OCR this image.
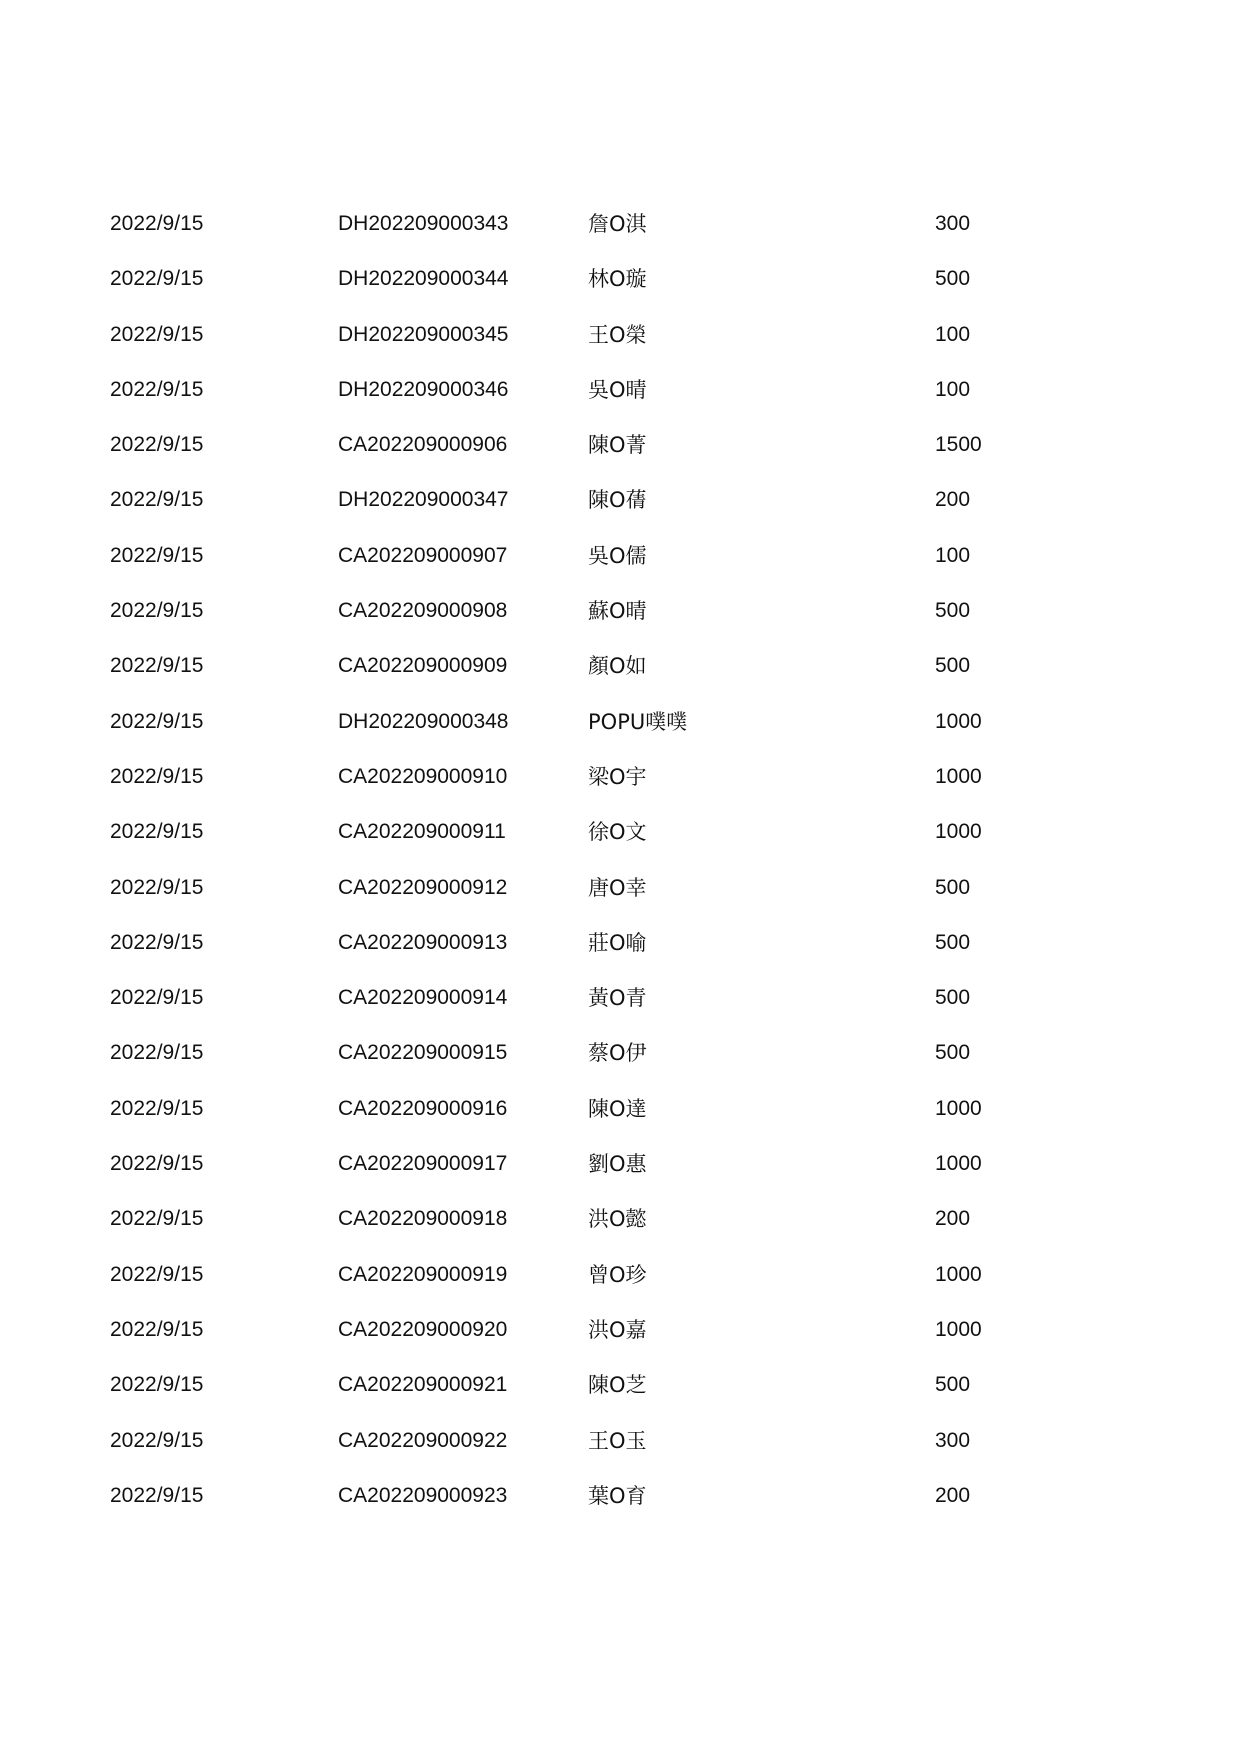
2022/9/15	DH202209000343	詹O淇	300
2022/9/15	DH202209000344	林O璇	500
2022/9/15	DH202209000345	王O榮	100
2022/9/15	DH202209000346	吳O晴	100
2022/9/15	CA202209000906	陳O菁	1500
2022/9/15	DH202209000347	陳O蒨	200
2022/9/15	CA202209000907	吳O儒	100
2022/9/15	CA202209000908	蘇O晴	500
2022/9/15	CA202209000909	顏O如	500
2022/9/15	DH202209000348	POPU噗噗	1000
2022/9/15	CA202209000910	梁O宇	1000
2022/9/15	CA202209000911	徐O文	1000
2022/9/15	CA202209000912	唐O幸	500
2022/9/15	CA202209000913	莊O喻	500
2022/9/15	CA202209000914	黃O青	500
2022/9/15	CA202209000915	蔡O伊	500
2022/9/15	CA202209000916	陳O達	1000
2022/9/15	CA202209000917	劉O惠	1000
2022/9/15	CA202209000918	洪O懿	200
2022/9/15	CA202209000919	曾O珍	1000
2022/9/15	CA202209000920	洪O嘉	1000
2022/9/15	CA202209000921	陳O芝	500
2022/9/15	CA202209000922	王O玉	300
2022/9/15	CA202209000923	葉O育	200
